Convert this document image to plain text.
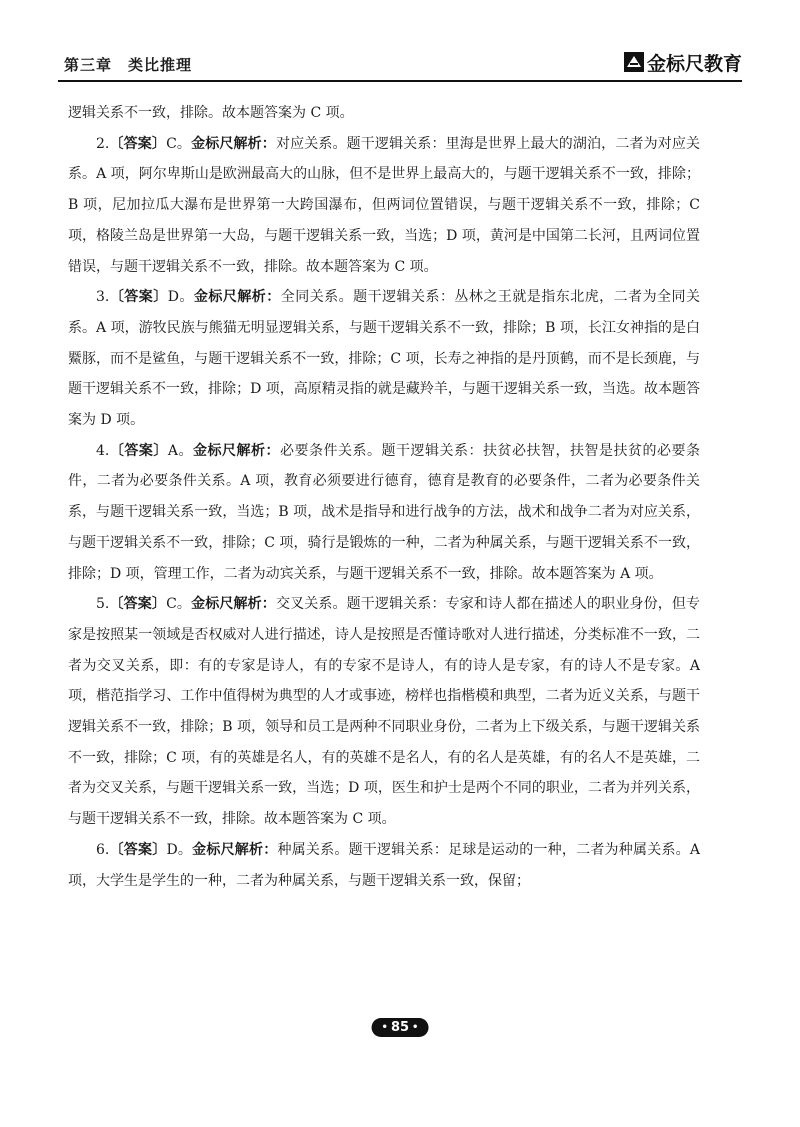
第三章　类比推理	金标尺教育

逻辑关系不一致，排除。故本题答案为 C 项。

2.〔答案〕C。金标尺解析：对应关系。题干逻辑关系：里海是世界上最大的湖泊，二者为对应关系。A 项，阿尔卑斯山是欧洲最高大的山脉，但不是世界上最高大的，与题干逻辑关系不一致，排除；B 项，尼加拉瓜大瀑布是世界第一大跨国瀑布，但两词位置错误，与题干逻辑关系不一致，排除；C 项，格陵兰岛是世界第一大岛，与题干逻辑关系一致，当选；D 项，黄河是中国第二长河，且两词位置错误，与题干逻辑关系不一致，排除。故本题答案为 C 项。

3.〔答案〕D。金标尺解析：全同关系。题干逻辑关系：丛林之王就是指东北虎，二者为全同关系。A 项，游牧民族与熊猫无明显逻辑关系，与题干逻辑关系不一致，排除；B 项，长江女神指的是白鱀豚，而不是鲨鱼，与题干逻辑关系不一致，排除；C 项，长寿之神指的是丹顶鹤，而不是长颈鹿，与题干逻辑关系不一致，排除；D 项，高原精灵指的就是藏羚羊，与题干逻辑关系一致，当选。故本题答案为 D 项。

4.〔答案〕A。金标尺解析：必要条件关系。题干逻辑关系：扶贫必扶智，扶智是扶贫的必要条件，二者为必要条件关系。A 项，教育必须要进行德育，德育是教育的必要条件，二者为必要条件关系，与题干逻辑关系一致，当选；B 项，战术是指导和进行战争的方法，战术和战争二者为对应关系，与题干逻辑关系不一致，排除；C 项，骑行是锻炼的一种，二者为种属关系，与题干逻辑关系不一致，排除；D 项，管理工作，二者为动宾关系，与题干逻辑关系不一致，排除。故本题答案为 A 项。

5.〔答案〕C。金标尺解析：交叉关系。题干逻辑关系：专家和诗人都在描述人的职业身份，但专家是按照某一领域是否权威对人进行描述，诗人是按照是否懂诗歌对人进行描述，分类标准不一致，二者为交叉关系，即：有的专家是诗人，有的专家不是诗人，有的诗人是专家，有的诗人不是专家。A 项，楷范指学习、工作中值得树为典型的人才或事迹，榜样也指楷模和典型，二者为近义关系，与题干逻辑关系不一致，排除；B 项，领导和员工是两种不同职业身份，二者为上下级关系，与题干逻辑关系不一致，排除；C 项，有的英雄是名人，有的英雄不是名人，有的名人是英雄，有的名人不是英雄，二者为交叉关系，与题干逻辑关系一致，当选；D 项，医生和护士是两个不同的职业，二者为并列关系，与题干逻辑关系不一致，排除。故本题答案为 C 项。

6.〔答案〕D。金标尺解析：种属关系。题干逻辑关系：足球是运动的一种，二者为种属关系。A 项，大学生是学生的一种，二者为种属关系，与题干逻辑关系一致，保留；

• 85 •
